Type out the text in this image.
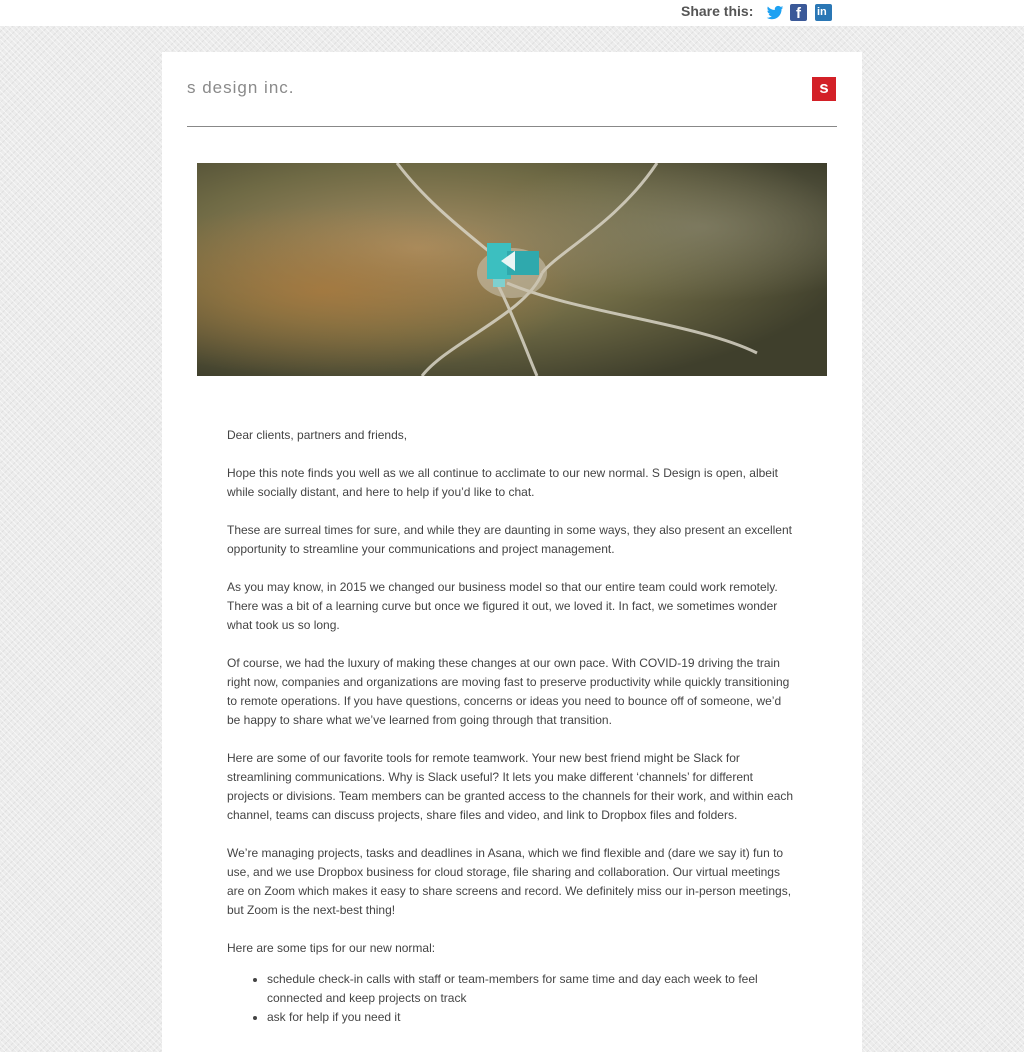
Share this:	f in
s design inc.	s

Dear clients, partners and friends,

Hope this note finds you well as we all continue to acclimate to our new normal. S Design is open, albeit while socially distant, and here to help if you’d like to chat.

These are surreal times for sure, and while they are daunting in some ways, they also present an excellent opportunity to streamline your communications and project management.

As you may know, in 2015 we changed our business model so that our entire team could work remotely. There was a bit of a learning curve but once we figured it out, we loved it. In fact, we sometimes wonder what took us so long.

Of course, we had the luxury of making these changes at our own pace. With COVID-19 driving the train right now, companies and organizations are moving fast to preserve productivity while quickly transitioning to remote operations. If you have questions, concerns or ideas you need to bounce off of someone, we’d be happy to share what we’ve learned from going through that transition.

Here are some of our favorite tools for remote teamwork. Your new best friend might be Slack for streamlining communications. Why is Slack useful? It lets you make different ‘channels’ for different projects or divisions. Team members can be granted access to the channels for their work, and within each channel, teams can discuss projects, share files and video, and link to Dropbox files and folders.

We’re managing projects, tasks and deadlines in Asana, which we find flexible and (dare we say it) fun to use, and we use Dropbox business for cloud storage, file sharing and collaboration. Our virtual meetings are on Zoom which makes it easy to share screens and record. We definitely miss our in-person meetings, but Zoom is the next-best thing!

Here are some tips for our new normal:

• schedule check-in calls with staff or team-members for same time and day each week to feel connected and keep projects on track
• ask for help if you need it
